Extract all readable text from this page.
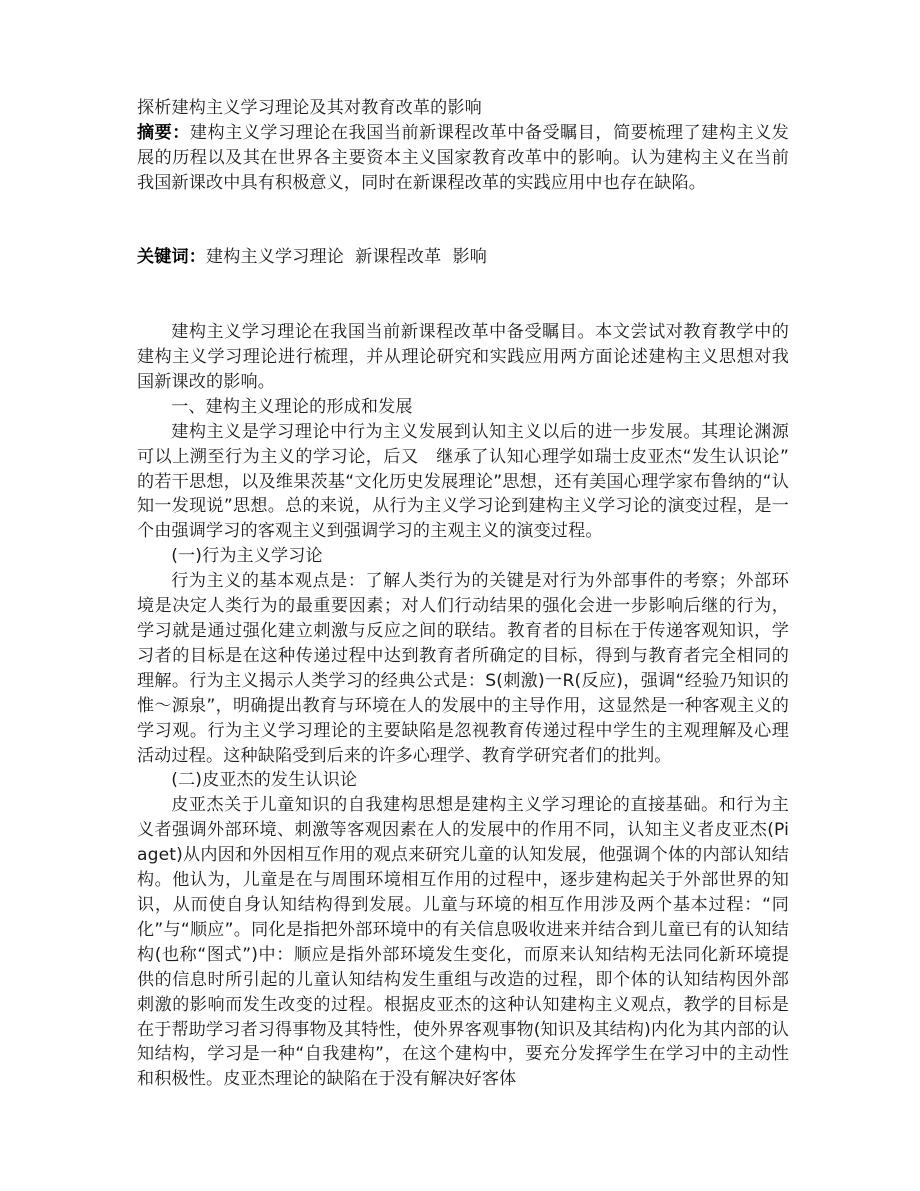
探析建构主义学习理论及其对教育改革的影响
摘要：建构主义学习理论在我国当前新课程改革中备受瞩目，简要梳理了建构主义发展的历程以及其在世界各主要资本主义国家教育改革中的影响。认为建构主义在当前我国新课改中具有积极意义，同时在新课程改革的实践应用中也存在缺陷。
关键词：建构主义学习理论  新课程改革  影响

建构主义学习理论在我国当前新课程改革中备受瞩目。本文尝试对教育教学中的建构主义学习理论进行梳理，并从理论研究和实践应用两方面论述建构主义思想对我国新课改的影响。

一、建构主义理论的形成和发展

建构主义是学习理论中行为主义发展到认知主义以后的进一步发展。其理论渊源可以上溯至行为主义的学习论，后又　继承了认知心理学如瑞士皮亚杰“发生认识论”的若干思想，以及维果茨基“文化历史发展理论”思想，还有美国心理学家布鲁纳的“认知一发现说”思想。总的来说，从行为主义学习论到建构主义学习论的演变过程，是一个由强调学习的客观主义到强调学习的主观主义的演变过程。

(一)行为主义学习论

行为主义的基本观点是：了解人类行为的关键是对行为外部事件的考察；外部环境是决定人类行为的最重要因素；对人们行动结果的强化会进一步影响后继的行为，学习就是通过强化建立刺激与反应之间的联结。教育者的目标在于传递客观知识，学习者的目标是在这种传递过程中达到教育者所确定的目标，得到与教育者完全相同的理解。行为主义揭示人类学习的经典公式是：S(刺激)一R(反应)，强调“经验乃知识的惟～源泉”，明确提出教育与环境在人的发展中的主导作用，这显然是一种客观主义的学习观。行为主义学习理论的主要缺陷是忽视教育传递过程中学生的主观理解及心理活动过程。这种缺陷受到后来的许多心理学、教育学研究者们的批判。

(二)皮亚杰的发生认识论

皮亚杰关于儿童知识的自我建构思想是建构主义学习理论的直接基础。和行为主义者强调外部环境、刺激等客观因素在人的发展中的作用不同，认知主义者皮亚杰(Piaget)从内因和外因相互作用的观点来研究儿童的认知发展，他强调个体的内部认知结构。他认为，儿童是在与周围环境相互作用的过程中，逐步建构起关于外部世界的知识，从而使自身认知结构得到发展。儿童与环境的相互作用涉及两个基本过程：“同化”与“顺应”。同化是指把外部环境中的有关信息吸收进来并结合到儿童已有的认知结构(也称“图式”)中：顺应是指外部环境发生变化，而原来认知结构无法同化新环境提供的信息时所引起的儿童认知结构发生重组与改造的过程，即个体的认知结构因外部刺激的影响而发生改变的过程。根据皮亚杰的这种认知建构主义观点，教学的目标是在于帮助学习者习得事物及其特性，使外界客观事物(知识及其结构)内化为其内部的认知结构，学习是一种“自我建构”，在这个建构中，要充分发挥学生在学习中的主动性和积极性。皮亚杰理论的缺陷在于没有解决好客体
